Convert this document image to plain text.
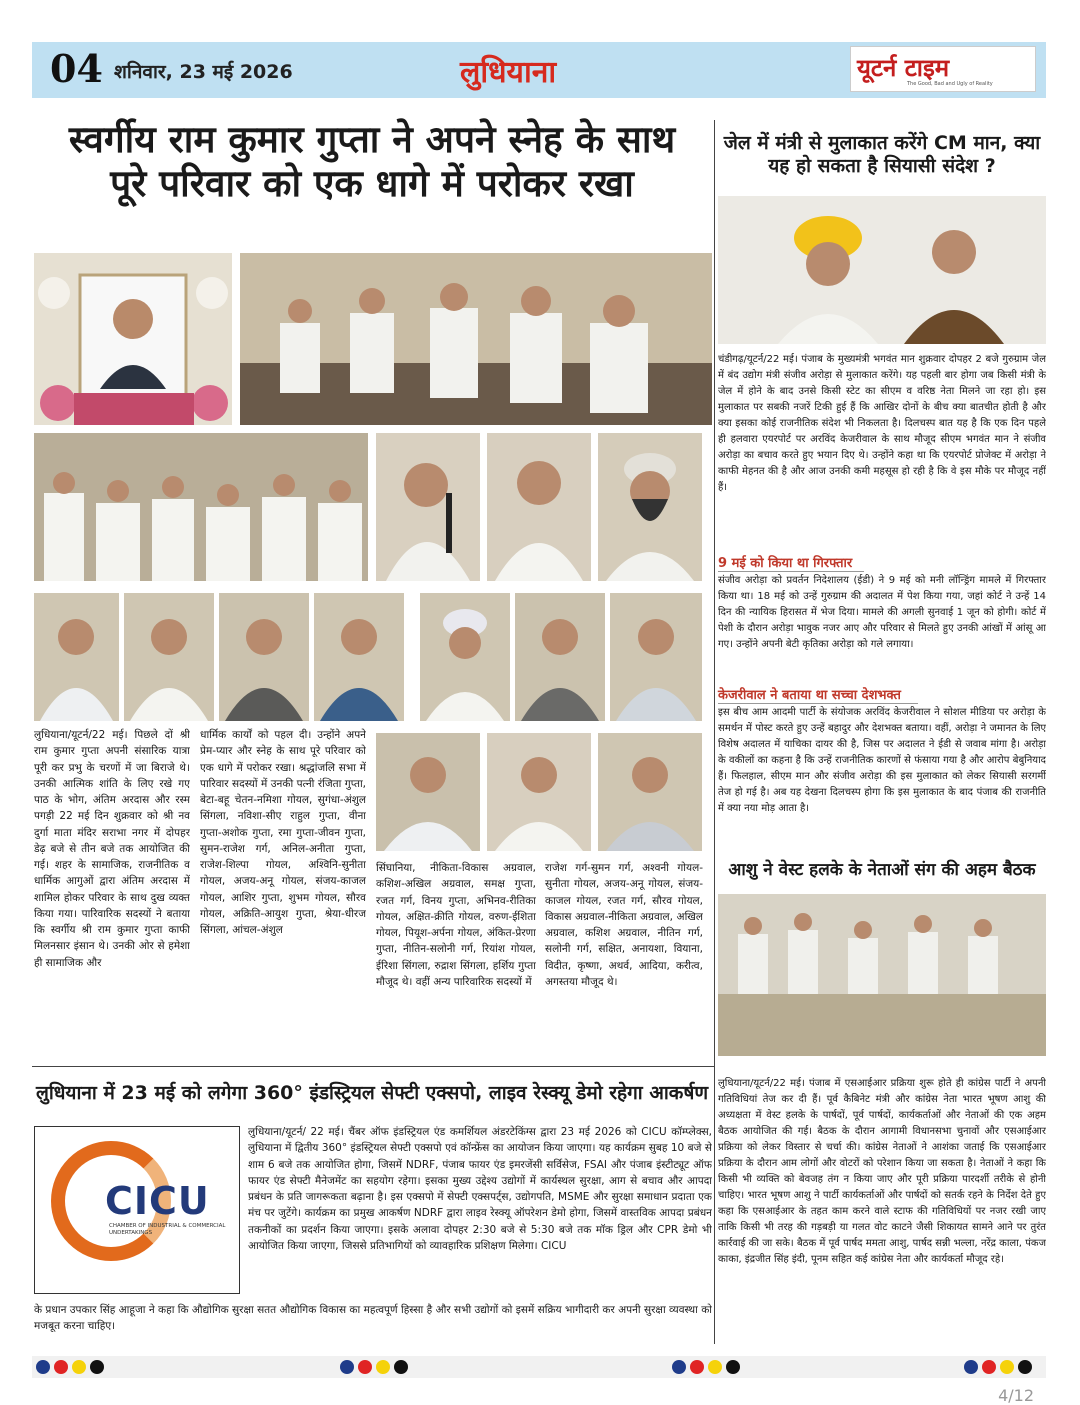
04 शनिवार, 23 मई 2026	लुधियाना	यूटर्न टाइम
The Good, Bad and Ugly of Reality
स्वर्गीय राम कुमार गुप्ता ने अपने स्नेह के साथ
पूरे परिवार को एक धागे में परोकर रखा
जेल में मंत्री से मुलाकात करेंगे CM मान, क्या यह हो सकता है सियासी संदेश ?
लुधियाना/यूटर्न/22 मई। पिछले दों श्री राम कुमार गुप्ता अपनी संसारिक यात्रा पूरी कर प्रभु के चरणों में जा बिराजे थे। उनकी आत्मिक शांति के लिए रखे गए पाठ के भोग, अंतिम अरदास और रस्म पगड़ी 22 मई दिन शुक्रवार को श्री नव दुर्गा माता मंदिर सराभा नगर में दोपहर डेढ़ बजे से तीन बजे तक आयोजित की गई। शहर के सामाजिक, राजनीतिक व धार्मिक आगुओं द्वारा अंतिम अरदास में शामिल होकर परिवार के साथ दुख व्यक्त किया गया। पारिवारिक सदस्यों ने बताया कि स्वर्गीय श्री राम कुमार गुप्ता काफी मिलनसार इंसान थे। उनकी ओर से हमेशा ही सामाजिक और
धार्मिक कार्यों को पहल दी। उन्होंने अपने प्रेम-प्यार और स्नेह के साथ पूरे परिवार को एक धागे में परोकर रखा। श्रद्धांजलि सभा में पारिवार सदस्यों में उनकी पत्नी रंजिता गुप्ता, बेटा-बहू चेतन-नमिशा गोयल, सुगंधा-अंशुल सिंगला, नविशा-सीए राहुल गुप्ता, वीना गुप्ता-अशोक गुप्ता, रमा गुप्ता-जीवन गुप्ता, सुमन-राजेश गर्ग, अनिल-अनीता गुप्ता, राजेश-शिल्पा गोयल, अश्विनि-सुनीता गोयल, अजय-अनू गोयल, संजय-काजल गोयल, आशिर गुप्ता, शुभम गोयल, सौरव गोयल, अक्रिति-आयुश गुप्ता, श्रेया-धीरज सिंगला, आंचल-अंशुल
सिंघानिया, नीकिता-विकास अग्रवाल, कशिश-अखिल अग्रवाल, समक्ष गुप्ता, रजत गर्ग, विनय गुप्ता, अभिनव-रीतिका गोयल, अक्षित-क्रीति गोयल, वरुण-ईशिता गोयल, पियूश-अर्पना गोयल, अंकित-प्रेरणा गुप्ता, नीतिन-सलोनी गर्ग, रियांश गोयल, ईरिशा सिंगला, रुद्राश सिंगला, हर्शिय गुप्ता मौजूद थे। वहीं अन्य पारिवारिक सदस्यों में
राजेश गर्ग-सुमन गर्ग, अश्वनी गोयल-सुनीता गोयल, अजय-अनू गोयल, संजय-काजल गोयल, रजत गर्ग, सौरव गोयल, विकास अग्रवाल-नीकिता अग्रवाल, अखिल अग्रवाल, कशिश अग्रवाल, नीतिन गर्ग, सलोनी गर्ग, सक्षित, अनायशा, वियाना, विदीत, कृष्णा, अथर्व, आदिया, करीत्व, अगस्तया मौजूद थे।
चंडीगढ़/यूटर्न/22 मई। पंजाब के मुख्यमंत्री भगवंत मान शुक्रवार दोपहर 2 बजे गुरुग्राम जेल में बंद उद्योग मंत्री संजीव अरोड़ा से मुलाकात करेंगे। यह पहली बार होगा जब किसी मंत्री के जेल में होने के बाद उनसे किसी स्टेट का सीएम व वरिष्ठ नेता मिलने जा रहा हो। इस मुलाकात पर सबकी नजरें टिकी हुई हैं कि आखिर दोनों के बीच क्या बातचीत होती है और क्या इसका कोई राजनीतिक संदेश भी निकलता है। दिलचस्प बात यह है कि एक दिन पहले ही हलवारा एयरपोर्ट पर अरविंद केजरीवाल के साथ मौजूद सीएम भगवंत मान ने संजीव अरोड़ा का बचाव करते हुए भयान दिए थे। उन्होंने कहा था कि एयरपोर्ट प्रोजेक्ट में अरोड़ा ने काफी मेहनत की है और आज उनकी कमी महसूस हो रही है कि वे इस मौके पर मौजूद नहीं हैं।
9 मई को किया था गिरफ्तार
संजीव अरोड़ा को प्रवर्तन निदेशालय (ईडी) ने 9 मई को मनी लॉन्ड्रिंग मामले में गिरफ्तार किया था। 18 मई को उन्हें गुरुग्राम की अदालत में पेश किया गया, जहां कोर्ट ने उन्हें 14 दिन की न्यायिक हिरासत में भेज दिया। मामले की अगली सुनवाई 1 जून को होगी। कोर्ट में पेशी के दौरान अरोड़ा भावुक नजर आए और परिवार से मिलते हुए उनकी आंखों में आंसू आ गए। उन्होंने अपनी बेटी कृतिका अरोड़ा को गले लगाया।
केजरीवाल ने बताया था सच्चा देशभक्त
इस बीच आम आदमी पार्टी के संयोजक अरविंद केजरीवाल ने सोशल मीडिया पर अरोड़ा के समर्थन में पोस्ट करते हुए उन्हें बहादुर और देशभक्त बताया। वहीं, अरोड़ा ने जमानत के लिए विशेष अदालत में याचिका दायर की है, जिस पर अदालत ने ईडी से जवाब मांगा है। अरोड़ा के वकीलों का कहना है कि उन्हें राजनीतिक कारणों से फंसाया गया है और आरोप बेबुनियाद हैं। फिलहाल, सीएम मान और संजीव अरोड़ा की इस मुलाकात को लेकर सियासी सरगर्मी तेज हो गई है। अब यह देखना दिलचस्प होगा कि इस मुलाकात के बाद पंजाब की राजनीति में क्या नया मोड़ आता है।
आशु ने वेस्ट हलके के नेताओं संग की अहम बैठक
लुधियाना/यूटर्न/22 मई। पंजाब में एसआईआर प्रक्रिया शुरू होते ही कांग्रेस पार्टी ने अपनी गतिविधियां तेज कर दी हैं। पूर्व कैबिनेट मंत्री और कांग्रेस नेता भारत भूषण आशु की अध्यक्षता में वेस्ट हलके के पार्षदों, पूर्व पार्षदों, कार्यकर्ताओं और नेताओं की एक अहम बैठक आयोजित की गई। बैठक के दौरान आगामी विधानसभा चुनावों और एसआईआर प्रक्रिया को लेकर विस्तार से चर्चा की। कांग्रेस नेताओं ने आशंका जताई कि एसआईआर प्रक्रिया के दौरान आम लोगों और वोटरों को परेशान किया जा सकता है। नेताओं ने कहा कि किसी भी व्यक्ति को बेवजह तंग न किया जाए और पूरी प्रक्रिया पारदर्शी तरीके से होनी चाहिए। भारत भूषण आशु ने पार्टी कार्यकर्ताओं और पार्षदों को सतर्क रहने के निर्देश देते हुए कहा कि एसआईआर के तहत काम करने वाले स्टाफ की गतिविधियों पर नजर रखी जाए ताकि किसी भी तरह की गड़बड़ी या गलत वोट काटने जैसी शिकायत सामने आने पर तुरंत कार्रवाई की जा सके। बैठक में पूर्व पार्षद ममता आशु, पार्षद सन्नी भल्ला, नरेंद्र काला, पंकज काका, इंद्रजीत सिंह इंदी, पूनम सहित कई कांग्रेस नेता और कार्यकर्ता मौजूद रहे।
लुधियाना में 23 मई को लगेगा 360° इंडस्ट्रियल सेफ्टी एक्सपो, लाइव रेस्क्यू डेमो रहेगा आकर्षण
CICU
CHAMBER OF INDUSTRIAL & COMMERCIAL UNDERTAKINGS
लुधियाना/यूटर्न/ 22 मई। चैंबर ऑफ इंडस्ट्रियल एंड कमर्शियल अंडरटेकिंग्स द्वारा 23 मई 2026 को CICU कॉम्प्लेक्स, लुधियाना में द्वितीय 360° इंडस्ट्रियल सेफ्टी एक्सपो एवं कॉन्फ्रेंस का आयोजन किया जाएगा। यह कार्यक्रम सुबह 10 बजे से शाम 6 बजे तक आयोजित होगा, जिसमें NDRF, पंजाब फायर एंड इमरजेंसी सर्विसेज, FSAI और पंजाब इंस्टीट्यूट ऑफ फायर एंड सेफ्टी मैनेजमेंट का सहयोग रहेगा। इसका मुख्य उद्देश्य उद्योगों में कार्यस्थल सुरक्षा, आग से बचाव और आपदा प्रबंधन के प्रति जागरूकता बढ़ाना है। इस एक्सपो में सेफ्टी एक्सपर्ट्स, उद्योगपति, MSME और सुरक्षा समाधान प्रदाता एक मंच पर जुटेंगे। कार्यक्रम का प्रमुख आकर्षण NDRF द्वारा लाइव रेस्क्यू ऑपरेशन डेमो होगा, जिसमें वास्तविक आपदा प्रबंधन तकनीकों का प्रदर्शन किया जाएगा। इसके अलावा दोपहर 2:30 बजे से 5:30 बजे तक मॉक ड्रिल और CPR डेमो भी आयोजित किया जाएगा, जिससे प्रतिभागियों को व्यावहारिक प्रशिक्षण मिलेगा। CICU
के प्रधान उपकार सिंह आहूजा ने कहा कि औद्योगिक सुरक्षा सतत औद्योगिक विकास का महत्वपूर्ण हिस्सा है और सभी उद्योगों को इसमें सक्रिय भागीदारी कर अपनी सुरक्षा व्यवस्था को मजबूत करना चाहिए।
4/12
